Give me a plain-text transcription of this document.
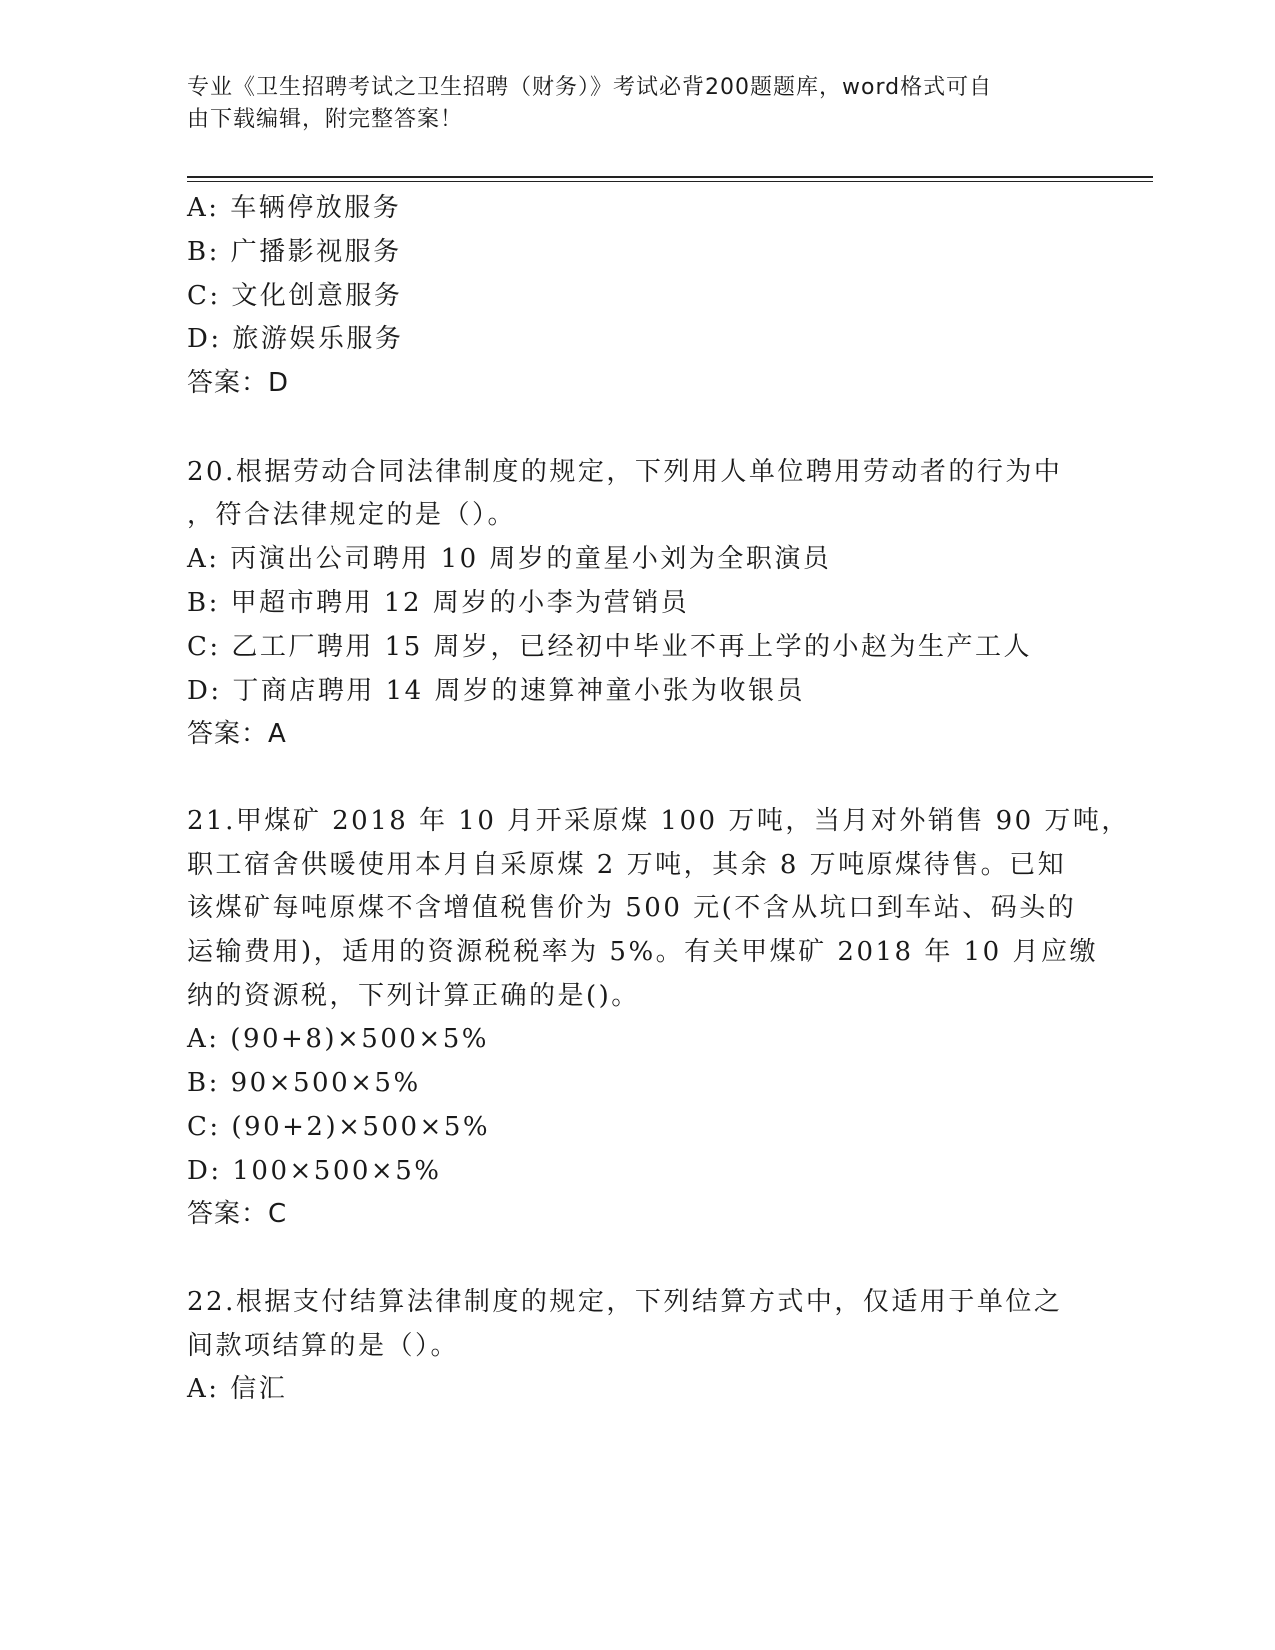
专业《卫生招聘考试之卫生招聘（财务）》考试必背200题题库，word格式可自
由下载编辑，附完整答案！
A: 车辆停放服务
B: 广播影视服务
C: 文化创意服务
D: 旅游娱乐服务
答案：D
20.根据劳动合同法律制度的规定，下列用人单位聘用劳动者的行为中
，符合法律规定的是（）。
A: 丙演出公司聘用 10 周岁的童星小刘为全职演员
B: 甲超市聘用 12 周岁的小李为营销员
C: 乙工厂聘用 15 周岁，已经初中毕业不再上学的小赵为生产工人
D: 丁商店聘用 14 周岁的速算神童小张为收银员
答案：A
21.甲煤矿 2018 年 10 月开采原煤 100 万吨，当月对外销售 90 万吨，
职工宿舍供暖使用本月自采原煤 2 万吨，其余 8 万吨原煤待售。已知
该煤矿每吨原煤不含增值税售价为 500 元(不含从坑口到车站、码头的
运输费用)，适用的资源税税率为 5%。有关甲煤矿 2018 年 10 月应缴
纳的资源税，下列计算正确的是()。
A: (90+8)×500×5%
B: 90×500×5%
C: (90+2)×500×5%
D: 100×500×5%
答案：C
22.根据支付结算法律制度的规定，下列结算方式中，仅适用于单位之
间款项结算的是（）。
A: 信汇
